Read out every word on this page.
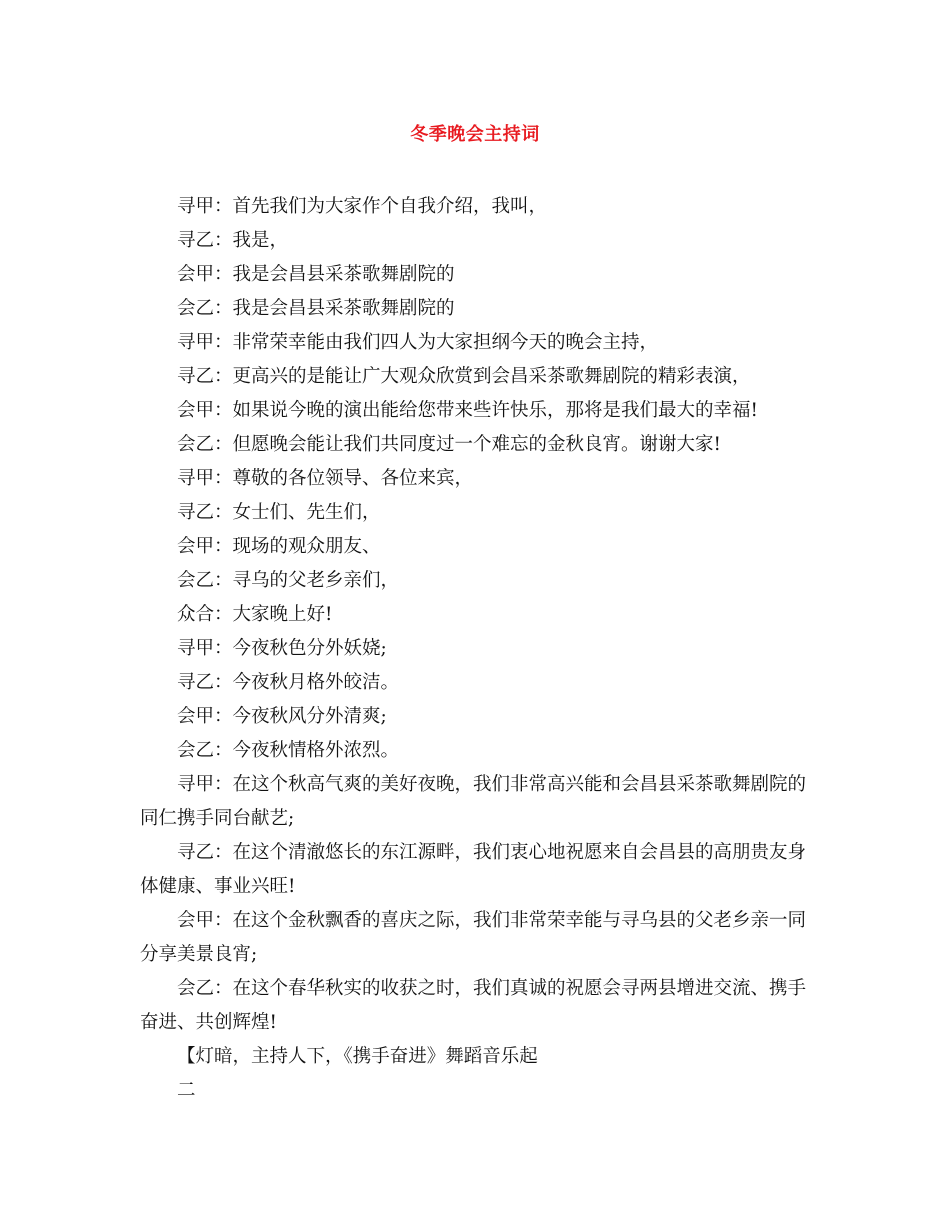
冬季晚会主持词

寻甲：首先我们为大家作个自我介绍，我叫，

寻乙：我是，

会甲：我是会昌县采茶歌舞剧院的

会乙：我是会昌县采茶歌舞剧院的

寻甲：非常荣幸能由我们四人为大家担纲今天的晚会主持，

寻乙：更高兴的是能让广大观众欣赏到会昌采茶歌舞剧院的精彩表演，

会甲：如果说今晚的演出能给您带来些许快乐，那将是我们最大的幸福!

会乙：但愿晚会能让我们共同度过一个难忘的金秋良宵。谢谢大家!

寻甲：尊敬的各位领导、各位来宾，

寻乙：女士们、先生们，

会甲：现场的观众朋友、

会乙：寻乌的父老乡亲们，

众合：大家晚上好!

寻甲：今夜秋色分外妖娆;

寻乙：今夜秋月格外皎洁。

会甲：今夜秋风分外清爽;

会乙：今夜秋情格外浓烈。

寻甲：在这个秋高气爽的美好夜晚，我们非常高兴能和会昌县采茶歌舞剧院的同仁携手同台献艺;

寻乙：在这个清澈悠长的东江源畔，我们衷心地祝愿来自会昌县的高朋贵友身体健康、事业兴旺!

会甲：在这个金秋飘香的喜庆之际，我们非常荣幸能与寻乌县的父老乡亲一同分享美景良宵;

会乙：在这个春华秋实的收获之时，我们真诚的祝愿会寻两县增进交流、携手奋进、共创辉煌!

【灯暗，主持人下，《携手奋进》舞蹈音乐起

二
